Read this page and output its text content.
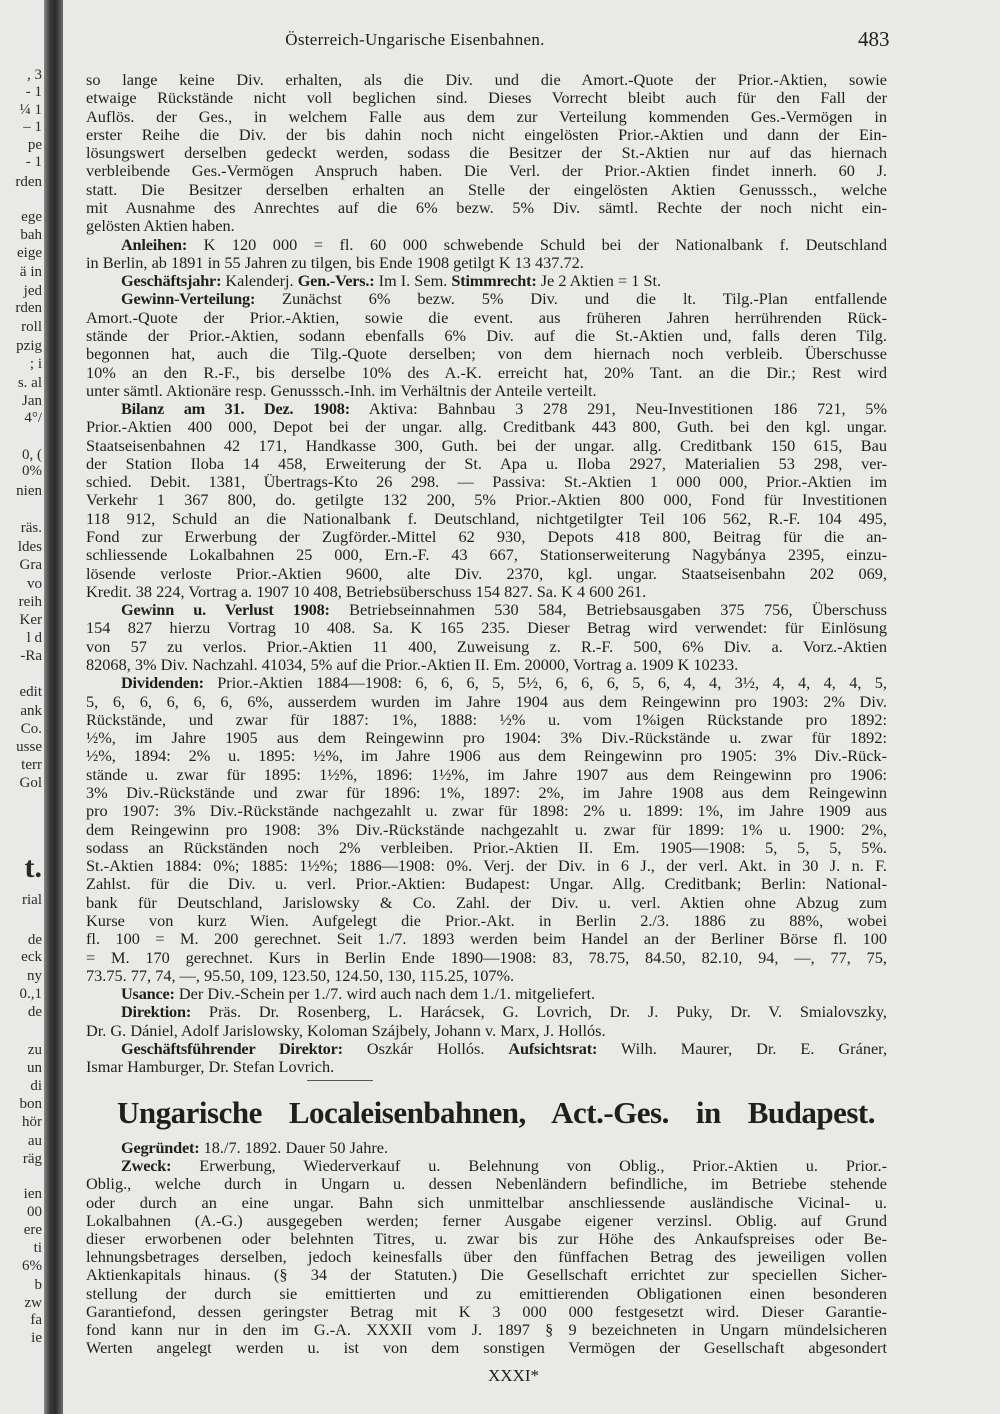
, 3
- 1
¼ 1
– 1
pe
- 1
rden
ege
bah
eige
ä in
jed
rden
roll
pzig
; i
s. al
Jan
4°/
0, (
0%
nien
räs.
ldes
Gra
vo
reih
Ker
l d
-Ra
edit
ank
Co.
usse
terr
Gol
t.
rial
de
eck
ny
0.,1
de
zu
un
di
bon
hör
au
räg
ien
00
ere
ti
6%
b
zw
fa
ie
Österreich-Ungarische Eisenbahnen.	483
so lange keine Div. erhalten, als die Div. und die Amort.-Quote der Prior.-Aktien, sowie
etwaige Rückstände nicht voll beglichen sind. Dieses Vorrecht bleibt auch für den Fall der
Auflös. der Ges., in welchem Falle aus dem zur Verteilung kommenden Ges.-Vermögen in
erster Reihe die Div. der bis dahin noch nicht eingelösten Prior.-Aktien und dann der Ein-
lösungswert derselben gedeckt werden, sodass die Besitzer der St.-Aktien nur auf das hiernach
verbleibende Ges.-Vermögen Anspruch haben. Die Verl. der Prior.-Aktien findet innerh. 60 J.
statt. Die Besitzer derselben erhalten an Stelle der eingelösten Aktien Genusssch., welche
mit Ausnahme des Anrechtes auf die 6% bezw. 5% Div. sämtl. Rechte der noch nicht ein-
gelösten Aktien haben.
Anleihen: K 120 000 = fl. 60 000 schwebende Schuld bei der Nationalbank f. Deutschland
in Berlin, ab 1891 in 55 Jahren zu tilgen, bis Ende 1908 getilgt K 13 437.72.
Geschäftsjahr: Kalenderj. Gen.-Vers.: Im I. Sem. Stimmrecht: Je 2 Aktien = 1 St.
Gewinn-Verteilung: Zunächst 6% bezw. 5% Div. und die lt. Tilg.-Plan entfallende
Amort.-Quote der Prior.-Aktien, sowie die event. aus früheren Jahren herrührenden Rück-
stände der Prior.-Aktien, sodann ebenfalls 6% Div. auf die St.-Aktien und, falls deren Tilg.
begonnen hat, auch die Tilg.-Quote derselben; von dem hiernach noch verbleib. Überschusse
10% an den R.-F., bis derselbe 10% des A.-K. erreicht hat, 20% Tant. an die Dir.; Rest wird
unter sämtl. Aktionäre resp. Genusssch.-Inh. im Verhältnis der Anteile verteilt.
Bilanz am 31. Dez. 1908: Aktiva: Bahnbau 3 278 291, Neu-Investitionen 186 721, 5%
Prior.-Aktien 400 000, Depot bei der ungar. allg. Creditbank 443 800, Guth. bei den kgl. ungar.
Staatseisenbahnen 42 171, Handkasse 300, Guth. bei der ungar. allg. Creditbank 150 615, Bau
der Station Iloba 14 458, Erweiterung der St. Apa u. Iloba 2927, Materialien 53 298, ver-
schied. Debit. 1381, Übertrags-Kto 26 298. — Passiva: St.-Aktien 1 000 000, Prior.-Aktien im
Verkehr 1 367 800, do. getilgte 132 200, 5% Prior.-Aktien 800 000, Fond für Investitionen
118 912, Schuld an die Nationalbank f. Deutschland, nichtgetilgter Teil 106 562, R.-F. 104 495,
Fond zur Erwerbung der Zugförder.-Mittel 62 930, Depots 418 800, Beitrag für die an-
schliessende Lokalbahnen 25 000, Ern.-F. 43 667, Stationserweiterung Nagybánya 2395, einzu-
lösende verloste Prior.-Aktien 9600, alte Div. 2370, kgl. ungar. Staatseisenbahn 202 069,
Kredit. 38 224, Vortrag a. 1907 10 408, Betriebsüberschuss 154 827. Sa. K 4 600 261.
Gewinn u. Verlust 1908: Betriebseinnahmen 530 584, Betriebsausgaben 375 756, Überschuss
154 827 hierzu Vortrag 10 408. Sa. K 165 235. Dieser Betrag wird verwendet: für Einlösung
von 57 zu verlos. Prior.-Aktien 11 400, Zuweisung z. R.-F. 500, 6% Div. a. Vorz.-Aktien
82068, 3% Div. Nachzahl. 41034, 5% auf die Prior.-Aktien II. Em. 20000, Vortrag a. 1909 K 10233.
Dividenden: Prior.-Aktien 1884—1908: 6, 6, 6, 5, 5½, 6, 6, 6, 5, 6, 4, 4, 3½, 4, 4, 4, 4, 5,
5, 6, 6, 6, 6, 6, 6%, ausserdem wurden im Jahre 1904 aus dem Reingewinn pro 1903: 2% Div.
Rückstände, und zwar für 1887: 1%, 1888: ½% u. vom 1%igen Rückstande pro 1892:
½%, im Jahre 1905 aus dem Reingewinn pro 1904: 3% Div.-Rückstände u. zwar für 1892:
½%, 1894: 2% u. 1895: ½%, im Jahre 1906 aus dem Reingewinn pro 1905: 3% Div.-Rück-
stände u. zwar für 1895: 1½%, 1896: 1½%, im Jahre 1907 aus dem Reingewinn pro 1906:
3% Div.-Rückstände und zwar für 1896: 1%, 1897: 2%, im Jahre 1908 aus dem Reingewinn
pro 1907: 3% Div.-Rückstände nachgezahlt u. zwar für 1898: 2% u. 1899: 1%, im Jahre 1909 aus
dem Reingewinn pro 1908: 3% Div.-Rückstände nachgezahlt u. zwar für 1899: 1% u. 1900: 2%,
sodass an Rückständen noch 2% verbleiben. Prior.-Aktien II. Em. 1905—1908: 5, 5, 5, 5%.
St.-Aktien 1884: 0%; 1885: 1½%; 1886—1908: 0%. Verj. der Div. in 6 J., der verl. Akt. in 30 J. n. F.
Zahlst. für die Div. u. verl. Prior.-Aktien: Budapest: Ungar. Allg. Creditbank; Berlin: National-
bank für Deutschland, Jarislowsky & Co. Zahl. der Div. u. verl. Aktien ohne Abzug zum
Kurse von kurz Wien. Aufgelegt die Prior.-Akt. in Berlin 2./3. 1886 zu 88%, wobei
fl. 100 = M. 200 gerechnet. Seit 1./7. 1893 werden beim Handel an der Berliner Börse fl. 100
= M. 170 gerechnet. Kurs in Berlin Ende 1890—1908: 83, 78.75, 84.50, 82.10, 94, —, 77, 75,
73.75. 77, 74, —, 95.50, 109, 123.50, 124.50, 130, 115.25, 107%.
Usance: Der Div.-Schein per 1./7. wird auch nach dem 1./1. mitgeliefert.
Direktion: Präs. Dr. Rosenberg, L. Harácsek, G. Lovrich, Dr. J. Puky, Dr. V. Smialovszky,
Dr. G. Dániel, Adolf Jarislowsky, Koloman Szájbely, Johann v. Marx, J. Hollós.
Geschäftsführender Direktor: Oszkár Hollós. Aufsichtsrat: Wilh. Maurer, Dr. E. Gráner,
Ismar Hamburger, Dr. Stefan Lovrich.
Ungarische Localeisenbahnen, Act.-Ges. in Budapest.
Gegründet: 18./7. 1892. Dauer 50 Jahre.
Zweck: Erwerbung, Wiederverkauf u. Belehnung von Oblig., Prior.-Aktien u. Prior.-
Oblig., welche durch in Ungarn u. dessen Nebenländern befindliche, im Betriebe stehende
oder durch an eine ungar. Bahn sich unmittelbar anschliessende ausländische Vicinal- u.
Lokalbahnen (A.-G.) ausgegeben werden; ferner Ausgabe eigener verzinsl. Oblig. auf Grund
dieser erworbenen oder belehnten Titres, u. zwar bis zur Höhe des Ankaufspreises oder Be-
lehnungsbetrages derselben, jedoch keinesfalls über den fünffachen Betrag des jeweiligen vollen
Aktienkapitals hinaus. (§ 34 der Statuten.) Die Gesellschaft errichtet zur speciellen Sicher-
stellung der durch sie emittierten und zu emittierenden Obligationen einen besonderen
Garantiefond, dessen geringster Betrag mit K 3 000 000 festgesetzt wird. Dieser Garantie-
fond kann nur in den im G.-A. XXXII vom J. 1897 § 9 bezeichneten in Ungarn mündelsicheren
Werten angelegt werden u. ist von dem sonstigen Vermögen der Gesellschaft abgesondert
XXXI*
